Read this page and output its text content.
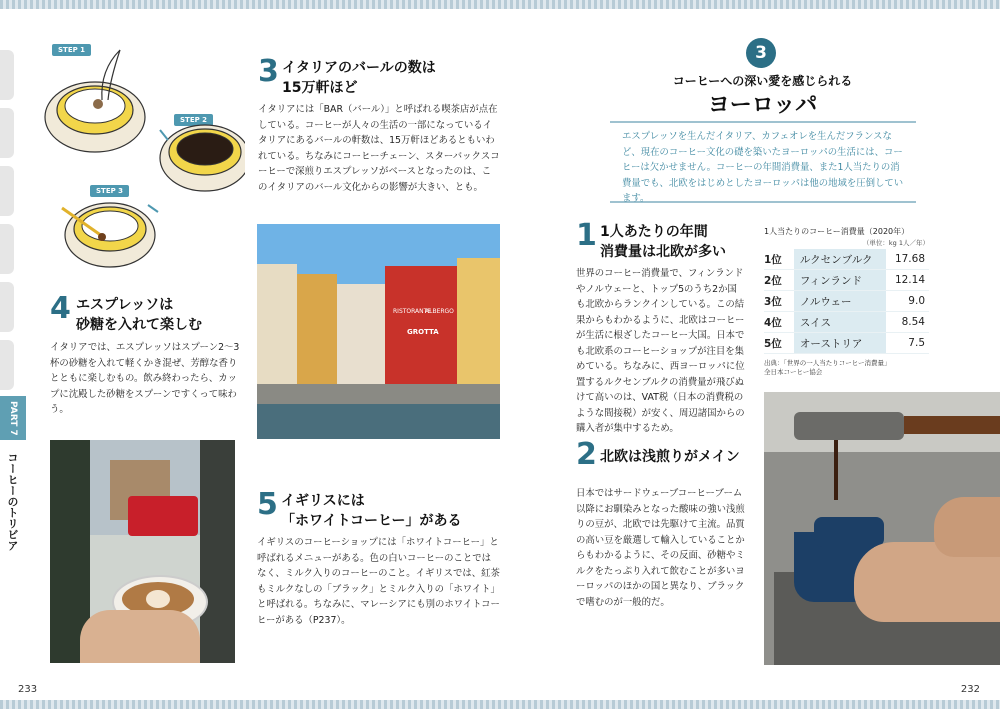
PART 7
コーヒーのトリビア
STEP 1
STEP 2
STEP 3
3 イタリアのバールの数は
15万軒ほど
イタリアには「BAR（バール）」と呼ばれる喫茶店が点在している。コーヒーが人々の生活の一部になっているイタリアにあるバールの軒数は、15万軒ほどあるともいわれている。ちなみにコーヒーチェーン、スターバックスコーヒーで深煎りエスプレッソがベースとなったのは、このイタリアのバール文化からの影響が大きい、とも。
RISTORANTE
ALBERGO
GROTTA
4 エスプレッソは
砂糖を入れて楽しむ
イタリアでは、エスプレッソはスプーン2〜3杯の砂糖を入れて軽くかき混ぜ、芳醇な香りとともに楽しむもの。飲み終わったら、カップに沈殿した砂糖をスプーンですくって味わう。
5 イギリスには
「ホワイトコーヒー」がある
イギリスのコーヒーショップには「ホワイトコーヒー」と呼ばれるメニューがある。色の白いコーヒーのことではなく、ミルク入りのコーヒーのこと。イギリスでは、紅茶もミルクなしの「ブラック」とミルク入りの「ホワイト」と呼ばれる。ちなみに、マレーシアにも別のホワイトコーヒーがある（P237）。
233
3
コーヒーへの深い愛を感じられる
ヨーロッパ
エスプレッソを生んだイタリア、カフェオレを生んだフランスなど、現在のコーヒー文化の礎を築いたヨーロッパの生活には、コーヒーは欠かせません。コーヒーの年間消費量、また1人当たりの消費量でも、北欧をはじめとしたヨーロッパは他の地域を圧倒しています。
1 1人あたりの年間
消費量は北欧が多い
世界のコーヒー消費量で、フィンランドやノルウェーと、トップ5のうち2か国も北欧からランクインしている。この結果からもわかるように、北欧はコーヒーが生活に根ざしたコーヒー大国。日本でも北欧系のコーヒーショップが注目を集めている。ちなみに、西ヨーロッパに位置するルクセンブルクの消費量が飛びぬけて高いのは、VAT税（日本の消費税のような間接税）が安く、周辺諸国からの購入者が集中するため。
1人当たりのコーヒー消費量（2020年）
（単位：kg 1人／年）
1位	ルクセンブルク	17.68
2位	フィンランド	12.14
3位	ノルウェー	9.0
4位	スイス	8.54
5位	オーストリア	7.5
出典：「世界の一人当たりコーヒー消費量」
全日本コーヒー協会
2 北欧は浅煎りがメイン
日本ではサードウェーブコーヒーブーム以降にお馴染みとなった酸味の強い浅煎りの豆が、北欧では先駆けて主流。品質の高い豆を厳選して輸入していることからもわかるように、その反面、砂糖やミルクをたっぷり入れて飲むことが多いヨーロッパのほかの国と異なり、ブラックで嗜むのが一般的だ。
232
